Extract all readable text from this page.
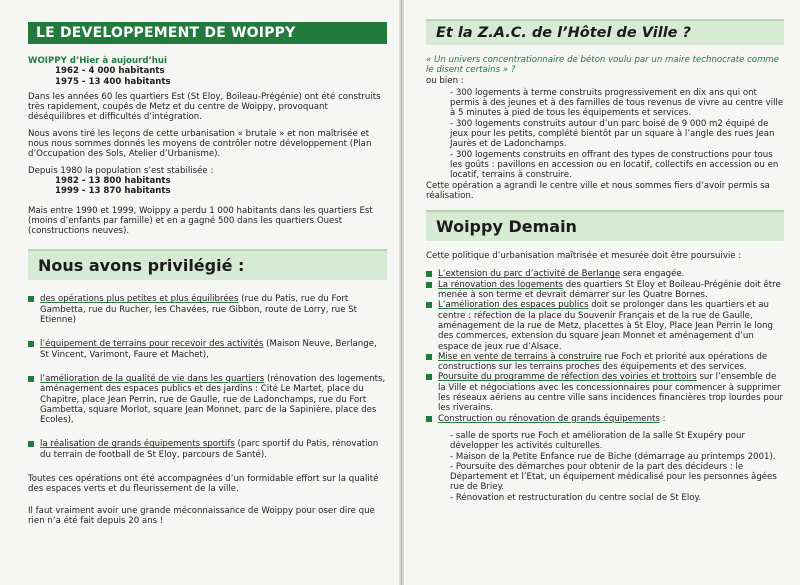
LE DEVELOPPEMENT DE WOIPPY
WOIPPY d’Hier à aujourd’hui
1962 - 4 000 habitants
1975 - 13 400 habitants

Dans les années 60 les quartiers Est (St Eloy, Boileau-Prégénie) ont été construits très rapidement, coupés de Metz et du centre de Woippy, provoquant déséquilibres et difficultés d’intégration.

Nous avons tiré les leçons de cette urbanisation « brutale » et non maîtrisée et nous nous sommes donnés les moyens de contrôler notre développement (Plan d’Occupation des Sols, Atelier d’Urbanisme).

Depuis 1980 la population s’est stabilisée :

1982 - 13 800 habitants
1999 - 13 870 habitants

Mais entre 1990 et 1999, Woippy a perdu 1 000 habitants dans les quartiers Est (moins d’enfants par famille) et en a gagné 500 dans les quartiers Ouest (constructions neuves).

Nous avons privilégié :
des opérations plus petites et plus équilibrées (rue du Patis, rue du Fort Gambetta, rue du Rucher, les Chavées, rue Gibbon, route de Lorry, rue St Etienne)
l’équipement de terrains pour recevoir des activités (Maison Neuve, Berlange, St Vincent, Varimont, Faure et Machet),
l’amélioration de la qualité de vie dans les quartiers (rénovation des logements, aménagement des espaces publics et des jardins : Cité Le Martet, place du Chapitre, place Jean Perrin, rue de Gaulle, rue de Ladonchamps, rue du Fort Gambetta, square Morlot, square Jean Monnet, parc de la Sapinière, place des Ecoles),
la réalisation de grands équipements sportifs (parc sportif du Patis, rénovation du terrain de football de St Eloy, parcours de Santé).

Toutes ces opérations ont été accompagnées d’un formidable effort sur la qualité des espaces verts et du fleurissement de la ville.

Il faut vraiment avoir une grande méconnaissance de Woippy pour oser dire que rien n’a été fait depuis 20 ans !

Et la Z.A.C. de l’Hôtel de Ville ?

« Un univers concentrationnaire de béton voulu par un maire technocrate comme le disent certains » ?

ou bien :

- 300 logements à terme construits progressivement en dix ans qui ont permis à des jeunes et à des familles de tous revenus de vivre au centre ville à 5 minutes à pied de tous les équipements et services.

- 300 logements construits autour d’un parc boisé de 9 000 m2 équipé de jeux pour les petits, complété bientôt par un square à l’angle des rues Jean Jaurès et de Ladonchamps.

- 300 logements construits en offrant des types de constructions pour tous les goûts : pavillons en accession ou en locatif, collectifs en accession ou en locatif, terrains à construire.

Cette opération a agrandi le centre ville et nous sommes fiers d’avoir permis sa réalisation.

Woippy Demain

Cette politique d’urbanisation maîtrisée et mesurée doit être poursuivie :

L’extension du parc d’activité de Berlange sera engagée.
La rénovation des logements des quartiers St Eloy et Boileau-Prégénie doit être menée à son terme et devrait démarrer sur les Quatre Bornes.
L’amélioration des espaces publics doit se prolonger dans les quartiers et au centre : réfection de la place du Souvenir Français et de la rue de Gaulle, aménagement de la rue de Metz, placettes à St Eloy, Place Jean Perrin le long des commerces, extension du square Jean Monnet et aménagement d’un espace de jeux rue d’Alsace.
Mise en vente de terrains à construire rue Foch et priorité aux opérations de constructions sur les terrains proches des équipements et des services.
Poursuite du programme de réfection des voiries et trottoirs sur l’ensemble de la Ville et négociations avec les concessionnaires pour commencer à supprimer les réseaux aériens au centre ville sans incidences financières trop lourdes pour les riverains.
Construction ou rénovation de grands équipements :

- salle de sports rue Foch et amélioration de la salle St Exupéry pour développer les activités culturelles.

- Maison de la Petite Enfance rue de Biche (démarrage au printemps 2001).

- Poursuite des démarches pour obtenir de la part des décideurs : le Département et l’Etat, un équipement médicalisé pour les personnes âgées rue de Briey.

- Rénovation et restructuration du centre social de St Eloy.
